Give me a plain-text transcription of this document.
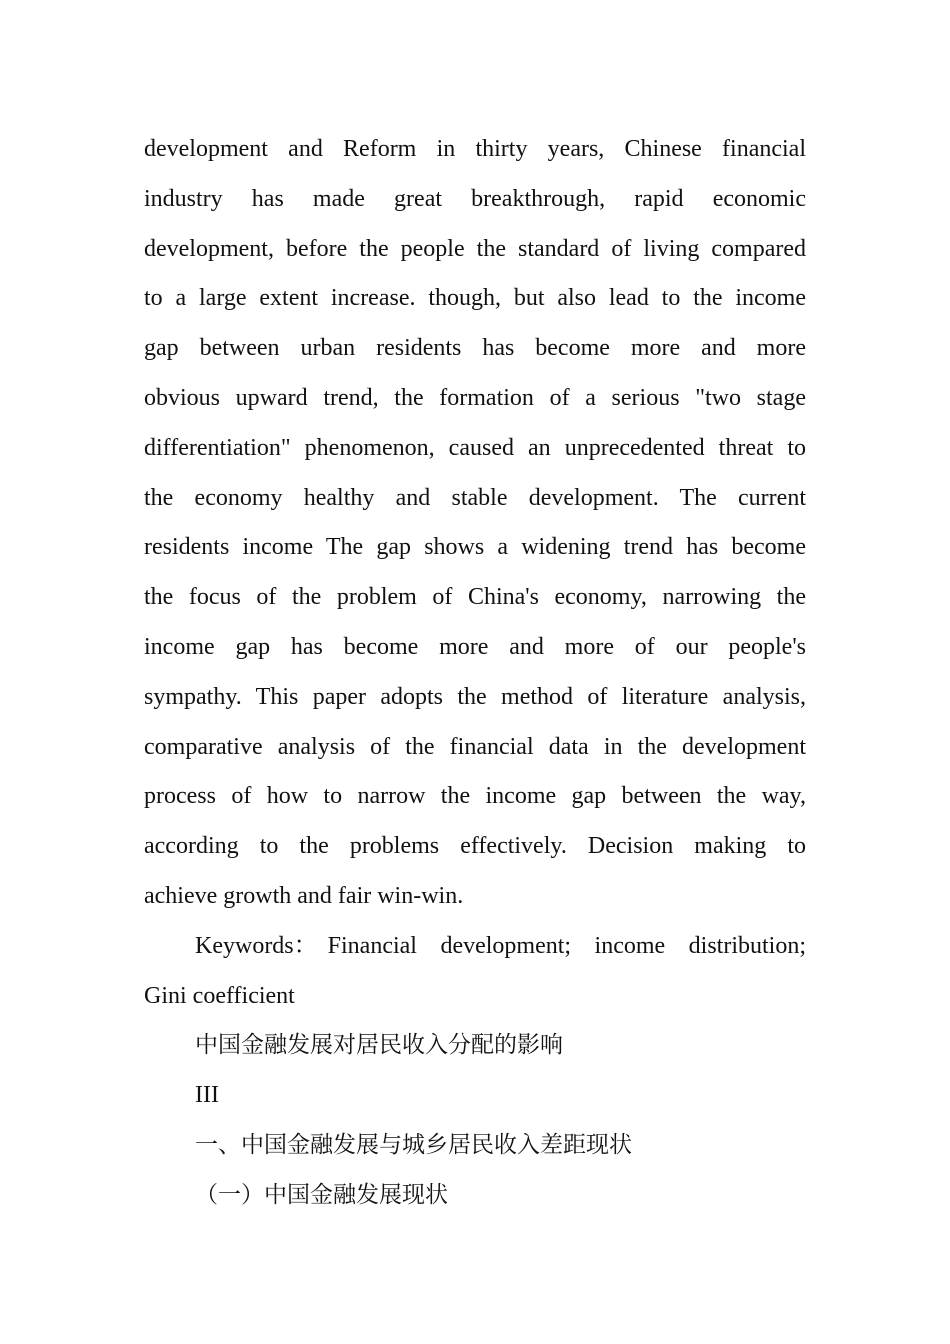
development and Reform in thirty years, Chinese financial
industry has made great breakthrough, rapid economic
development, before the people the standard of living compared
to a large extent increase. though, but also lead to the income
gap between urban residents has become more and more
obvious upward trend, the formation of a serious "two stage
differentiation" phenomenon, caused an unprecedented threat to
the economy healthy and stable development. The current
residents income The gap shows a widening trend has become
the focus of the problem of China's economy, narrowing the
income gap has become more and more of our people's
sympathy. This paper adopts the method of literature analysis,
comparative analysis of the financial data in the development
process of how to narrow the income gap between the way,
according to the problems effectively. Decision making to
achieve growth and fair win-win.
Keywords： Financial development; income distribution;
Gini coefficient
中国金融发展对居民收入分配的影响
III
一、中国金融发展与城乡居民收入差距现状
（一）中国金融发展现状
